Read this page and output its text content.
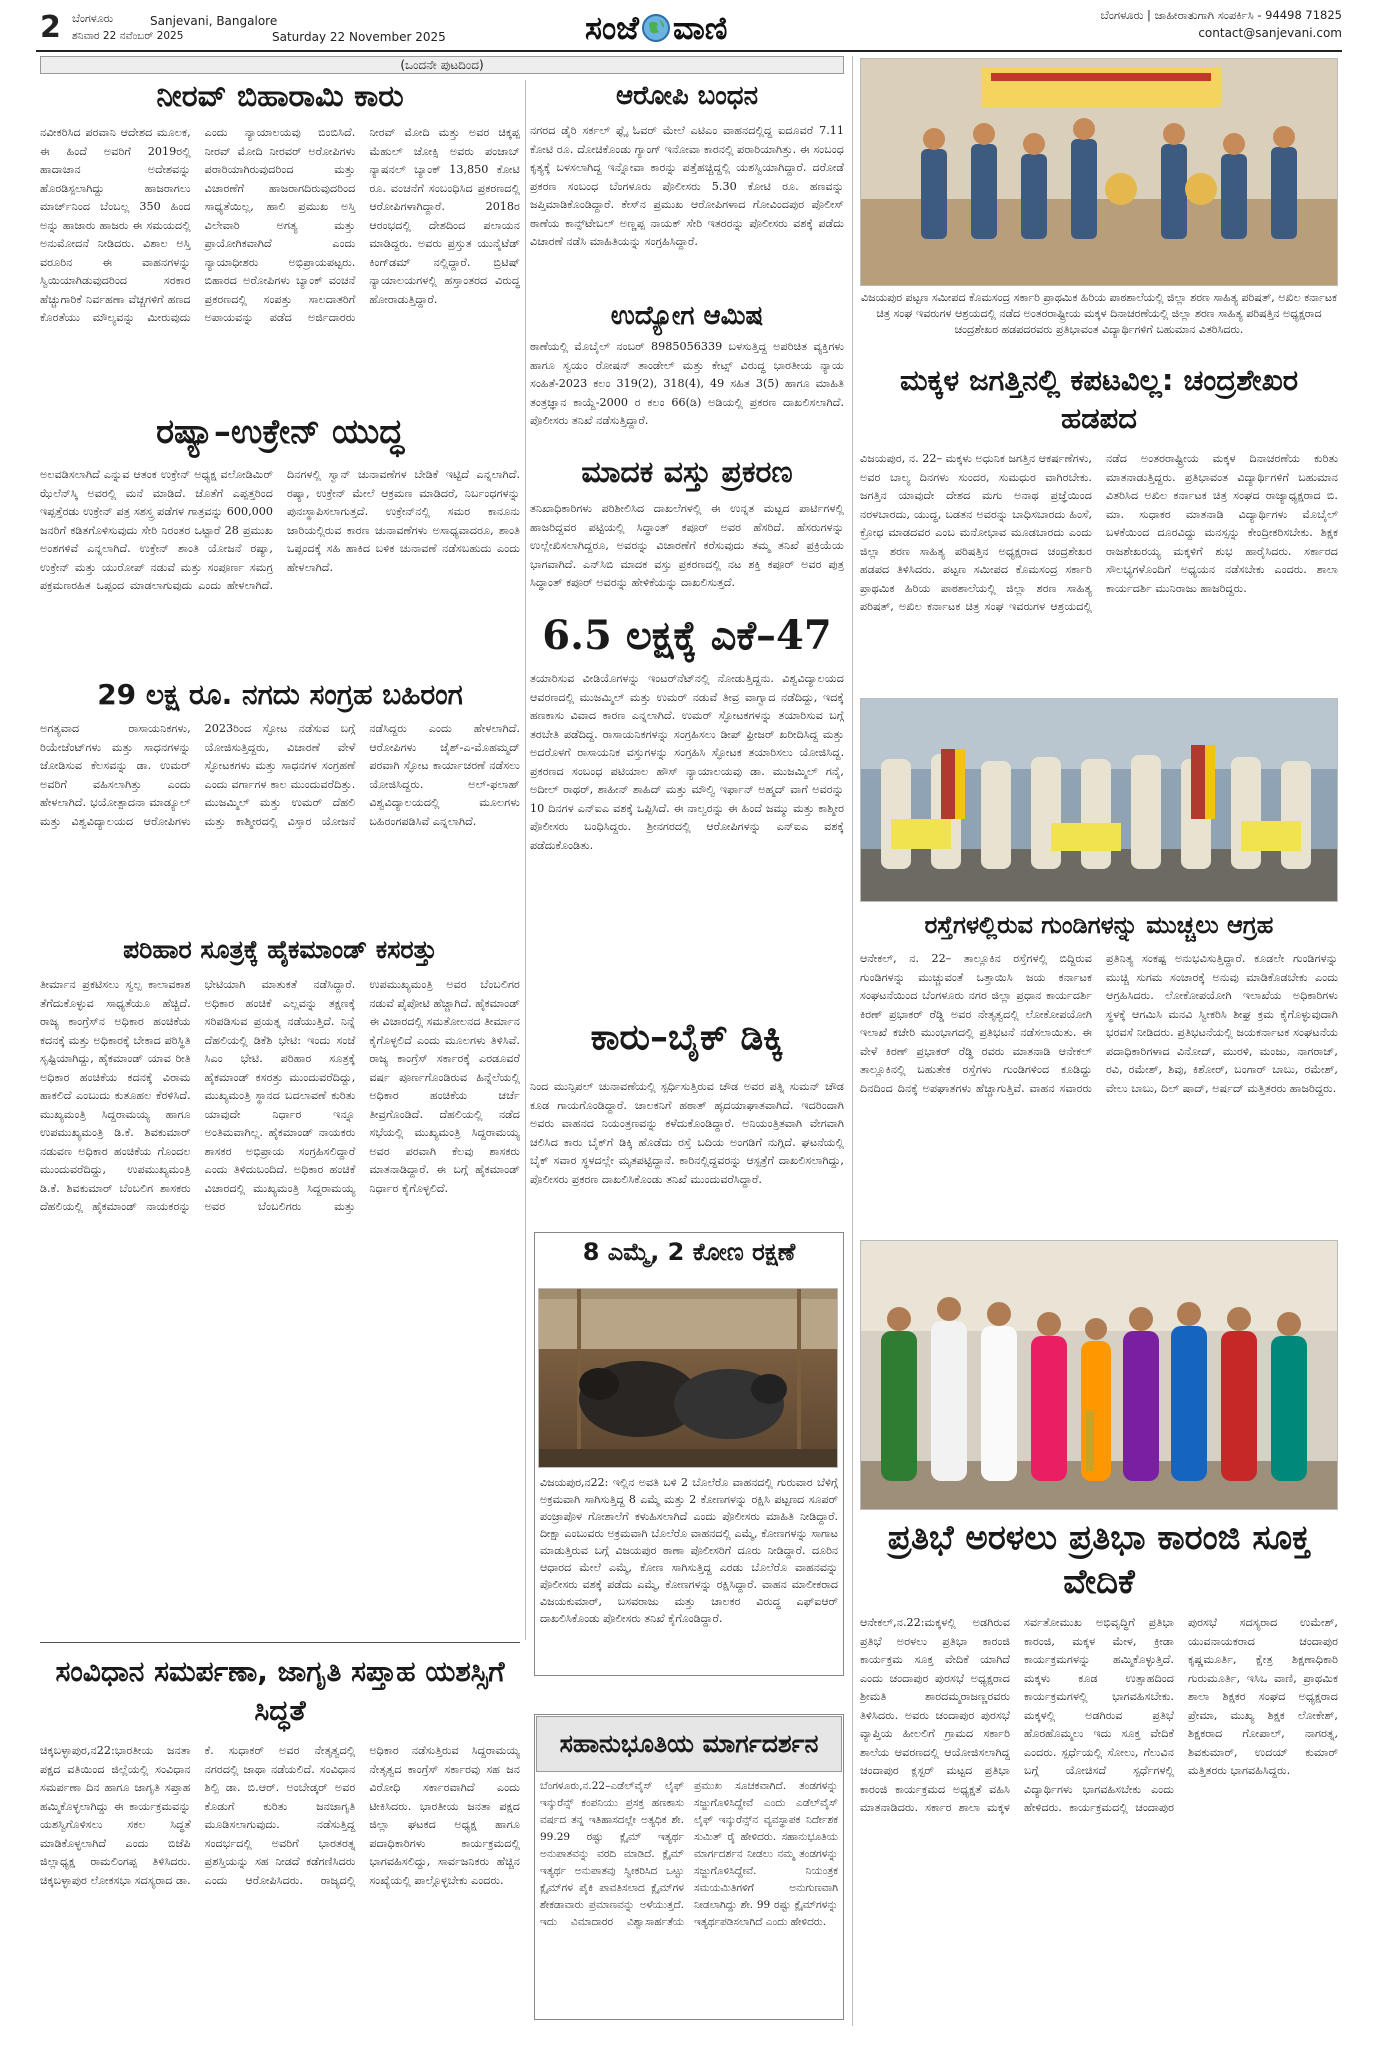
2 ಬೆಂಗಳೂರು
ಶನಿವಾರ 22 ನವೆಂಬರ್ 2025
Sanjevani, Bangalore
Saturday 22 November 2025	ಸಂಜೆ ವಾಣಿ	ಬೆಂಗಳೂರು | ಜಾಹೀರಾತುಗಾಗಿ ಸಂಪರ್ಕಿಸಿ - 94498 71825
contact@sanjevani.com
(ಒಂದನೇ ಪುಟದಿಂದ)
ನೀರವ್ ಬಿಹಾರಾಮಿ ಕಾರು
ನವೀಕರಿಸಿದ ಪರವಾನಿ ಆದೇಶದ ಮೂಲಕ, ಈ ಹಿಂದೆ ಅವರಿಗೆ 2019ರಲ್ಲಿ ಹಾದಾಚಾನ ಅದೇಶವನ್ನು ಹೊರಡಿಸ್ಪಲಾಗಿದ್ದು ಹಾಜರಾಗಲು ಮಾರ್ಚ್‌ನಿಂದ ಬೆಂಬಲ್ಲ 350 ಹಿಂದ ಅನ್ನು ಹಾಜಾರು ಹಾಜರು ಈ ಸಮಯದಲ್ಲಿ ಅನುಮೋದನೆ ನೀಡಿದರು. ವಿಶಾಲ ಅಸ್ತಿ ವರೂರಿನ ಈ ವಾಹನಗಳನ್ನು ಸ್ವಿಯಿಯಾಗಿಡುವುದರಿಂದ ಸರಕಾರ ಹೆಚ್ಚುಗಾರಿಕೆ ನಿರ್ವಹಣಾ ವೆಚ್ಚಗಳಿಗೆ ಹಣದ ಕೊರತೆಯು ಮೌಲ್ಯವನ್ನು ಮೀರುವುದು ಎಂದು ನ್ಯಾಯಾಲಯವು ಬಿಂಬಿಸಿದೆ. ನೀರವ್ ಮೋದಿ ನೀರವರ್ ಅರೋಪಿಗಳು ಪರಾರಿಯಾಗಿರುವುದರಿಂದ ಮತ್ತು ವಿಚಾರಣೆಗೆ ಹಾಜರಾಗದಿರುವುದರಿಂದ ಸಾಧ್ಯತೆಯಿಲ್ಲ, ಹಾಲಿ ಪ್ರಮುಖ ಅಸ್ತಿ ವಿಲೇವಾರಿ ಅಗತ್ಯ ಮತ್ತು ಪ್ರಾಯೋಗಿಕವಾಗಿದೆ ಎಂದು ನ್ಯಾಯಾಧೀಶರು ಅಭಿಪ್ರಾಯಪಟ್ಟರು. ಬಿಹಾರದ ಅರೋಪಿಗಳು ಬ್ಯಾಂಕ್ ವಂಚನೆ ಪ್ರಕರಣದಲ್ಲಿ ಸಂಪತ್ತು ಸಾಲದಾತರಿಗೆ ಅಪಾಯವನ್ನು ಪಡೆದ ಅರ್ಜಿದಾರರು ನೀರವ್ ಮೋದಿ ಮತ್ತು ಅವರ ಚಿಕ್ಕಪ್ಪ ಮೆಹುಲ್ ಚೋಕ್ಸಿ ಅವರು ಪಂಜಾಬ್ ನ್ಯಾಷನಲ್ ಬ್ಯಾಂಕ್ 13,850 ಕೋಟಿ ರೂ. ವಂಚನೆಗೆ ಸಂಬಂಧಿಸಿದ ಪ್ರಕರಣದಲ್ಲಿ ಆರೋಪಿಗಳಾಗಿದ್ದಾರೆ. 2018ರ ಆರಂಭದಲ್ಲಿ ದೇಶದಿಂದ ಪಲಾಯನ ಮಾಡಿದ್ದರು. ಅವರು ಪ್ರಸ್ತುತ ಯುನೈಟೆಡ್ ಕಿಂಗ್‌ಡಮ್ ನಲ್ಲಿದ್ದಾರೆ. ಬ್ರಿಟಿಷ್ ನ್ಯಾಯಾಲಯಗಳಲ್ಲಿ ಹಸ್ತಾಂತರದ ವಿರುದ್ಧ ಹೋರಾಡುತ್ತಿದ್ದಾರೆ.
ರಷ್ಯಾ–ಉಕ್ರೇನ್ ಯುದ್ಧ
ಅಲವಡಿಸಲಾಗಿದೆ ಎನ್ನುವ ಆತಂಕ ಉಕ್ರೇನ್ ಅಧ್ಯಕ್ಷ ವಲೋಡಿಮಿರ್ ಝೆಲೆನ್‌ಸ್ಕಿ ಅವರಲ್ಲಿ ಮನೆ ಮಾಡಿದೆ. ಜೊತೆಗೆ ಎಪ್ಪತ್ತರಿಂದ ಇಪ್ಪತ್ತೆರಡು ಉಕ್ರೇನ್ ಪತ್ರ ಸಶಸ್ತ್ರ ಪಡೆಗಳ ಗಾತ್ರವನ್ನು 600,000 ಜನರಿಗೆ ಕಡಿತಗೊಳಿಸುವುದು ಸೇರಿ ನಿರಂತರ ಒಟ್ಟಾರೆ 28 ಪ್ರಮುಖ ಅಂಶಗಳಿವೆ ಎನ್ನಲಾಗಿದೆ. ಉಕ್ರೇನ್ ಶಾಂತಿ ಯೋಜನೆ ರಷ್ಯಾ, ಉಕ್ರೇನ್ ಮತ್ತು ಯುರೋಪ್ ನಡುವೆ ಮತ್ತು ಸಂಪೂರ್ಣ ಸಮಗ್ರ ಪಕ್ರಮಣರಹಿತ ಒಪ್ಪಂದ ಮಾಡಲಾಗುವುದು ಎಂದು ಹೇಳಲಾಗಿದೆ. ದಿನಗಳಲ್ಲಿ ಸ್ವಾನ್ ಚುನಾವಣೆಗಳ ಬೇಡಿಕೆ ಇಟ್ಟಿದೆ ಎನ್ನಲಾಗಿದೆ. ರಷ್ಯಾ, ಉಕ್ರೇನ್ ಮೇಲೆ ಆಕ್ರಮಣ ಮಾಡಿದರೆ, ನಿರ್ಬಂಧಗಳನ್ನು ಪುನಃಸ್ಥಾಪಿಸಲಾಗುತ್ತದೆ. ಉಕ್ರೇನ್‌ನಲ್ಲಿ ಸಮರ ಕಾನೂನು ಜಾರಿಯಲ್ಲಿರುವ ಕಾರಣ ಚುನಾವಣೆಗಳು ಅಸಾಧ್ಯವಾದರೂ, ಶಾಂತಿ ಒಪ್ಪಂದಕ್ಕೆ ಸಹಿ ಹಾಕಿದ ಬಳಿಕ ಚುನಾವಣೆ ನಡೆಸಬಹುದು ಎಂದು ಹೇಳಲಾಗಿದೆ.
29 ಲಕ್ಷ ರೂ. ನಗದು ಸಂಗ್ರಹ ಬಹಿರಂಗ
ಅಗತ್ಯವಾದ ರಾಸಾಯನಿಕಗಳು, ರಿಯೇಜೆಂಟ್‌ಗಳು ಮತ್ತು ಸಾಧನಗಳನ್ನು ಜೋಡಿಸುವ ಕೆಲಸವನ್ನು ಡಾ. ಉಮರ್ ಅವರಿಗೆ ವಹಿಸಲಾಗಿತ್ತು ಎಂದು ಹೇಳಲಾಗಿದೆ. ಭಯೋತ್ಪಾದನಾ ಮಾಡ್ಯೂಲ್ ಮತ್ತು ವಿಶ್ವವಿದ್ಯಾಲಯದ ಆರೋಪಿಗಳು 2023ರಿಂದ ಸ್ಫೋಟ ನಡೆಸುವ ಬಗ್ಗೆ ಯೋಜಿಸುತ್ತಿದ್ದರು, ವಿಚಾರಣೆ ವೇಳೆ ಸ್ಫೋಟಕಗಳು ಮತ್ತು ಸಾಧನಗಳ ಸಂಗ್ರಹಣೆ ಎಂದು ವರ್ಗಾಗಳ ಕಾಲ ಮುಂದುವರೆದಿತ್ತು. ಮುಜಮ್ಮಿಲ್ ಮತ್ತು ಉಮರ್ ದೆಹಲಿ ಮತ್ತು ಕಾಶ್ಮೀರದಲ್ಲಿ ವಿಸ್ತಾರ ಯೋಜನೆ ನಡೆಸಿದ್ದರು ಎಂದು ಹೇಳಲಾಗಿದೆ. ಆರೋಪಿಗಳು ಜೈಶ್-ಎ-ಮೊಹಮ್ಮದ್ ಪರವಾಗಿ ಸ್ಫೋಟ ಕಾರ್ಯಾಚರಣೆ ನಡೆಸಲು ಯೋಜಿಸಿದ್ದರು. ಅಲ್-ಫಲಾಹ್ ವಿಶ್ವವಿದ್ಯಾಲಯದಲ್ಲಿ ಮೂಲಗಳು ಬಹಿರಂಗಪಡಿಸಿವೆ ಎನ್ನಲಾಗಿದೆ.
ಪರಿಹಾರ ಸೂತ್ರಕ್ಕೆ ಹೈಕಮಾಂಡ್ ಕಸರತ್ತು
ತೀರ್ಮಾನ ಪ್ರಕಟಿಸಲು ಸ್ವಲ್ಪ ಕಾಲಾವಕಾಶ ತೆಗೆದುಕೊಳ್ಳುವ ಸಾಧ್ಯತೆಯೂ ಹೆಚ್ಚಿದೆ. ರಾಜ್ಯ ಕಾಂಗ್ರೆಸ್‌ನ ಅಧಿಕಾರ ಹಂಚಿಕೆಯ ಕದನಕ್ಕೆ ಮತ್ತು ಅಧಿಕಾರಕ್ಕೆ ಬೇಕಾದ ಪರಿಸ್ಥಿತಿ ಸೃಷ್ಟಿಯಾಗಿದ್ದು, ಹೈಕಮಾಂಡ್ ಯಾವ ರೀತಿ ಅಧಿಕಾರ ಹಂಚಿಕೆಯ ಕದನಕ್ಕೆ ವಿರಾಮ ಹಾಕಲಿದೆ ಎಂಬುದು ಕುತೂಹಲ ಕೆರಳಿಸಿದೆ. ಮುಖ್ಯಮಂತ್ರಿ ಸಿದ್ದರಾಮಯ್ಯ ಹಾಗೂ ಉಪಮುಖ್ಯಮಂತ್ರಿ ಡಿ.ಕೆ. ಶಿವಕುಮಾರ್ ನಡುವಣ ಅಧಿಕಾರ ಹಂಚಿಕೆಯ ಗೊಂದಲ ಮುಂದುವರೆದಿದ್ದು, ಉಪಮುಖ್ಯಮಂತ್ರಿ ಡಿ.ಕೆ. ಶಿವಕುಮಾರ್ ಬೆಂಬಲಿಗ ಶಾಸಕರು ದೆಹಲಿಯಲ್ಲಿ ಹೈಕಮಾಂಡ್ ನಾಯಕರನ್ನು ಭೇಟಿಯಾಗಿ ಮಾತುಕತೆ ನಡೆಸಿದ್ದಾರೆ. ಅಧಿಕಾರ ಹಂಚಿಕೆ ಎಲ್ಲವನ್ನು ತಕ್ಷಣಕ್ಕೆ ಸರಿಪಡಿಸುವ ಪ್ರಯತ್ನ ನಡೆಯುತ್ತಿದೆ. ನಿನ್ನೆ ದೆಹಲಿಯಲ್ಲಿ ಡಿಕೆಶಿ ಭೇಟಿ: ಇಂದು ಸಂಜೆ ಸಿಎಂ ಭೇಟಿ. ಪರಿಹಾರ ಸೂತ್ರಕ್ಕೆ ಹೈಕಮಾಂಡ್ ಕಸರತ್ತು ಮುಂದುವರೆದಿದ್ದು, ಮುಖ್ಯಮಂತ್ರಿ ಸ್ಥಾನದ ಬದಲಾವಣೆ ಕುರಿತು ಯಾವುದೇ ನಿರ್ಧಾರ ಇನ್ನೂ ಅಂತಿಮವಾಗಿಲ್ಲ. ಹೈಕಮಾಂಡ್ ನಾಯಕರು ಶಾಸಕರ ಅಭಿಪ್ರಾಯ ಸಂಗ್ರಹಿಸಲಿದ್ದಾರೆ ಎಂದು ತಿಳಿದುಬಂದಿದೆ. ಅಧಿಕಾರ ಹಂಚಿಕೆ ವಿಚಾರದಲ್ಲಿ ಮುಖ್ಯಮಂತ್ರಿ ಸಿದ್ದರಾಮಯ್ಯ ಅವರ ಬೆಂಬಲಿಗರು ಮತ್ತು ಉಪಮುಖ್ಯಮಂತ್ರಿ ಅವರ ಬೆಂಬಲಿಗರ ನಡುವೆ ಪೈಪೋಟಿ ಹೆಚ್ಚಾಗಿದೆ. ಹೈಕಮಾಂಡ್ ಈ ವಿಚಾರದಲ್ಲಿ ಸಮತೋಲನದ ತೀರ್ಮಾನ ಕೈಗೊಳ್ಳಲಿದೆ ಎಂದು ಮೂಲಗಳು ತಿಳಿಸಿವೆ. ರಾಜ್ಯ ಕಾಂಗ್ರೆಸ್ ಸರ್ಕಾರಕ್ಕೆ ಎರಡೂವರೆ ವರ್ಷ ಪೂರ್ಣಗೊಂಡಿರುವ ಹಿನ್ನೆಲೆಯಲ್ಲಿ ಅಧಿಕಾರ ಹಂಚಿಕೆಯ ಚರ್ಚೆ ತೀವ್ರಗೊಂಡಿದೆ. ದೆಹಲಿಯಲ್ಲಿ ನಡೆದ ಸಭೆಯಲ್ಲಿ ಮುಖ್ಯಮಂತ್ರಿ ಸಿದ್ದರಾಮಯ್ಯ ಅವರ ಪರವಾಗಿ ಕೆಲವು ಶಾಸಕರು ಮಾತನಾಡಿದ್ದಾರೆ. ಈ ಬಗ್ಗೆ ಹೈಕಮಾಂಡ್ ನಿರ್ಧಾರ ಕೈಗೊಳ್ಳಲಿದೆ.
ಆರೋಪಿ ಬಂಧನ
ನಗರದ ಡೈರಿ ಸರ್ಕಲ್ ಫ್ಲೈ ಓವರ್ ಮೇಲೆ ಎಟಿಎಂ ವಾಹನದಲ್ಲಿದ್ದ ಐದೂವರೆ 7.11 ಕೋಟಿ ರೂ. ದೋಚಿಕೊಂಡು ಗ್ಯಾಂಗ್ ಇನೋವಾ ಕಾರನಲ್ಲಿ ಪರಾರಿಯಾಗಿತ್ತು. ಈ ಸಂಬಂಧ ಕೃತ್ಯಕ್ಕೆ ಬಳಸಲಾಗಿದ್ದ ಇನ್ನೋವಾ ಕಾರನ್ನು ಪತ್ತೆಹಚ್ಚಿದ್ದಲ್ಲಿ ಯಶಸ್ವಿಯಾಗಿದ್ದಾರೆ. ದರೋಡೆ ಪ್ರಕರಣ ಸಂಬಂಧ ಬೆಂಗಳೂರು ಪೊಲೀಸರು 5.30 ಕೋಟಿ ರೂ. ಹಣವನ್ನು ಜಪ್ತಿಮಾಡಿಕೊಂಡಿದ್ದಾರೆ. ಕೇಸ್‌ನ ಪ್ರಮುಖ ಆರೋಪಿಗಳಾದ ಗೋವಿಂದಪುರ ಪೊಲೀಸ್ ಠಾಣೆಯ ಕಾನ್ಸ್‌ಟೇಬಲ್ ಅಣ್ಣಪ್ಪ ನಾಯಕ್ ಸೇರಿ ಇತರರನ್ನು ಪೊಲೀಸರು ವಶಕ್ಕೆ ಪಡೆದು ವಿಚಾರಣೆ ನಡೆಸಿ ಮಾಹಿತಿಯನ್ನು ಸಂಗ್ರಹಿಸಿದ್ದಾರೆ.
ಉದ್ಯೋಗ ಆಮಿಷ
ಠಾಣೆಯಲ್ಲಿ ಮೊಬೈಲ್ ನಂಬರ್ 8985056339 ಬಳಸುತ್ತಿದ್ದ ಅಪರಿಚಿತ ವ್ಯಕ್ತಿಗಳು ಹಾಗೂ ಸ್ವಯಂ ರೋಷನ್ ತಾಂಡೇಲ್ ಮತ್ತು ಕೇಟ್ಸ್ ವಿರುದ್ಧ ಭಾರತೀಯ ನ್ಯಾಯ ಸಂಹಿತೆ-2023 ಕಲಂ 319(2), 318(4), 49 ಸಹಿತ 3(5) ಹಾಗೂ ಮಾಹಿತಿ ತಂತ್ರಜ್ಞಾನ ಕಾಯ್ದೆ-2000 ರ ಕಲಂ 66(ಡಿ) ಅಡಿಯಲ್ಲಿ ಪ್ರಕರಣ ದಾಖಲಿಸಲಾಗಿದೆ. ಪೊಲೀಸರು ತನಿಖೆ ನಡೆಸುತ್ತಿದ್ದಾರೆ.
ಮಾದಕ ವಸ್ತು ಪ್ರಕರಣ
ತನಿಖಾಧಿಕಾರಿಗಳು ಪರಿಶೀಲಿಸಿದ ದಾಖಲೆಗಳಲ್ಲಿ ಈ ಉನ್ನತ ಮಟ್ಟದ ಪಾರ್ಟಿಗಳಲ್ಲಿ ಹಾಜರಿದ್ದವರ ಪಟ್ಟಿಯಲ್ಲಿ ಸಿದ್ಧಾಂತ್ ಕಪೂರ್ ಅವರ ಹೆಸರಿದೆ. ಹೆಸರುಗಳನ್ನು ಉಲ್ಲೇಖಿಸಲಾಗಿದ್ದರೂ, ಅವರನ್ನು ವಿಚಾರಣೆಗೆ ಕರೆಸುವುದು ತಮ್ಮ ತನಿಖೆ ಪ್ರಕ್ರಿಯೆಯ ಭಾಗವಾಗಿದೆ. ಎನ್‌ಸಿಬಿ ಮಾದಕ ವಸ್ತು ಪ್ರಕರಣದಲ್ಲಿ ನಟ ಶಕ್ತಿ ಕಪೂರ್ ಅವರ ಪುತ್ರ ಸಿದ್ಧಾಂತ್ ಕಪೂರ್ ಅವರನ್ನು ಹೇಳಿಕೆಯನ್ನು ದಾಖಲಿಸುತ್ತದೆ.
6.5 ಲಕ್ಷಕ್ಕೆ ಎಕೆ–47
ತಯಾರಿಸುವ ವೀಡಿಯೊಗಳನ್ನು ಇಂಟರ್‌ನೆಟ್‌ನಲ್ಲಿ ನೋಡುತ್ತಿದ್ದನು. ವಿಶ್ವವಿದ್ಯಾಲಯದ ಆವರಣದಲ್ಲಿ ಮುಜಮ್ಮಿಲ್ ಮತ್ತು ಉಮರ್ ನಡುವೆ ತೀವ್ರ ವಾಗ್ವಾದ ನಡೆದಿದ್ದು, ಇದಕ್ಕೆ ಹಣಕಾಸು ವಿವಾದ ಕಾರಣ ಎನ್ನಲಾಗಿದೆ. ಉಮರ್ ಸ್ಫೋಟಕಗಳನ್ನು ತಯಾರಿಸುವ ಬಗ್ಗೆ ತರಬೇತಿ ಪಡೆದಿದ್ದ. ರಾಸಾಯನಿಕಗಳನ್ನು ಸಂಗ್ರಹಿಸಲು ಡೀಪ್ ಫ್ರೀಜರ್ ಖರೀದಿಸಿದ್ದ ಮತ್ತು ಅದರೊಳಗೆ ರಾಸಾಯನಿಕ ವಸ್ತುಗಳನ್ನು ಸಂಗ್ರಹಿಸಿ ಸ್ಫೋಟಕ ತಯಾರಿಸಲು ಯೋಜಿಸಿದ್ದ. ಪ್ರಕರಣದ ಸಂಬಂಧ ಪಟಿಯಾಲ ಹೌಸ್ ನ್ಯಾಯಾಲಯವು ಡಾ. ಮುಜಮ್ಮಿಲ್ ಗನೈ, ಅದೀಲ್ ರಾಥರ್, ಶಾಹೀನ್ ಶಾಹಿದ್ ಮತ್ತು ಮೌಲ್ವಿ ಇರ್ಫಾನ್ ಅಹ್ಮದ್ ವಾಗೆ ಅವರನ್ನು 10 ದಿನಗಳ ಎನ್‌ಐಎ ವಶಕ್ಕೆ ಒಪ್ಪಿಸಿದೆ. ಈ ನಾಲ್ವರನ್ನು ಈ ಹಿಂದೆ ಜಮ್ಮು ಮತ್ತು ಕಾಶ್ಮೀರ ಪೊಲೀಸರು ಬಂಧಿಸಿದ್ದರು. ಶ್ರೀನಗರದಲ್ಲಿ ಆರೋಪಿಗಳನ್ನು ಎನ್‌ಐಎ ವಶಕ್ಕೆ ಪಡೆದುಕೊಂಡಿತು.
ಕಾರು–ಬೈಕ್ ಡಿಕ್ಕಿ
ನಿಂದ ಮುನ್ಸಿಪಲ್ ಚುನಾವಣೆಯಲ್ಲಿ ಸ್ಪರ್ಧಿಸುತ್ತಿರುವ ಚೌಡ ಅವರ ಪತ್ನಿ ಸುಮನ್ ಚೌಡ ಕೂಡ ಗಾಯಗೊಂಡಿದ್ದಾರೆ. ಚಾಲಕನಿಗೆ ಹಠಾತ್ ಹೃದಯಾಘಾತವಾಗಿದೆ. ಇದರಿಂದಾಗಿ ಅವರು ವಾಹನದ ನಿಯಂತ್ರಣವನ್ನು ಕಳೆದುಕೊಂಡಿದ್ದಾರೆ. ಅನಿಯಂತ್ರಿತವಾಗಿ ವೇಗವಾಗಿ ಚಲಿಸಿದ ಕಾರು ಬೈಕ್‌ಗೆ ಡಿಕ್ಕಿ ಹೊಡೆದು ರಸ್ತೆ ಬದಿಯ ಅಂಗಡಿಗೆ ನುಗ್ಗಿದೆ. ಘಟನೆಯಲ್ಲಿ ಬೈಕ್ ಸವಾರ ಸ್ಥಳದಲ್ಲೇ ಮೃತಪಟ್ಟಿದ್ದಾನೆ. ಕಾರಿನಲ್ಲಿದ್ದವರನ್ನು ಆಸ್ಪತ್ರೆಗೆ ದಾಖಲಿಸಲಾಗಿದ್ದು, ಪೊಲೀಸರು ಪ್ರಕರಣ ದಾಖಲಿಸಿಕೊಂಡು ತನಿಖೆ ಮುಂದುವರೆಸಿದ್ದಾರೆ.
8 ಎಮ್ಮೆ, 2 ಕೋಣ ರಕ್ಷಣೆ
ವಿಜಯಪುರ,ನ22: ಇಲ್ಲಿನ ಅವತಿ ಬಳಿ 2 ಬೊಲೆರೊ ವಾಹನದಲ್ಲಿ ಗುರುವಾರ ಬೆಳಿಗ್ಗೆ ಅಕ್ರಮವಾಗಿ ಸಾಗಿಸುತ್ತಿದ್ದ 8 ಎಮ್ಮೆ ಮತ್ತು 2 ಕೋಣಗಳನ್ನು ರಕ್ಷಿಸಿ ಪಟ್ಟಣದ ಸೂಪರ್ ಪಂಜ್ರಾಪೊಳ ಗೋಶಾಲೆಗೆ ಕಳುಹಿಸಲಾಗಿದೆ ಎಂದು ಪೊಲೀಸರು ಮಾಹಿತಿ ನೀಡಿದ್ದಾರೆ. ದೀಕ್ಷಾ ಎಂಬುವರು ಅಕ್ರಮವಾಗಿ ಬೊಲೆರೊ ವಾಹನದಲ್ಲಿ ಎಮ್ಮೆ, ಕೋಣಗಳನ್ನು ಸಾಗಾಟ ಮಾಡುತ್ತಿರುವ ಬಗ್ಗೆ ವಿಜಯಪುರ ಠಾಣಾ ಪೊಲೀಸರಿಗೆ ದೂರು ನೀಡಿದ್ದಾರೆ. ದೂರಿನ ಆಧಾರದ ಮೇಲೆ ಎಮ್ಮೆ, ಕೋಣ ಸಾಗಿಸುತ್ತಿದ್ದ ಎರಡು ಬೊಲೆರೊ ವಾಹನವನ್ನು ಪೊಲೀಸರು ವಶಕ್ಕೆ ಪಡೆದು ಎಮ್ಮೆ, ಕೋಣಗಳನ್ನು ರಕ್ಷಿಸಿದ್ದಾರೆ. ವಾಹನ ಮಾಲೀಕರಾದ ವಿಜಯಕುಮಾರ್, ಬಸವರಾಜು ಮತ್ತು ಚಾಲಕರ ವಿರುದ್ಧ ಎಫ್‌ಐಆರ್ ದಾಖಲಿಸಿಕೊಂಡು ಪೊಲೀಸರು ತನಿಖೆ ಕೈಗೊಂಡಿದ್ದಾರೆ.
ವಿಜಯಪುರ ಪಟ್ಟಣ ಸಮೀಪದ ಕೊಮಸಂದ್ರ ಸರ್ಕಾರಿ ಪ್ರಾಥಮಿಕ ಹಿರಿಯ ಪಾಠಶಾಲೆಯಲ್ಲಿ ಜಿಲ್ಲಾ ಶರಣ ಸಾಹಿತ್ಯ ಪರಿಷತ್, ಅಖಿಲ ಕರ್ನಾಟಕ ಚಿತ್ರ ಸಂಘ ಇವರುಗಳ ಆಶ್ರಯದಲ್ಲಿ ನಡೆದ ಅಂತರರಾಷ್ಟ್ರೀಯ ಮಕ್ಕಳ ದಿನಾಚರಣೆಯಲ್ಲಿ ಜಿಲ್ಲಾ ಶರಣ ಸಾಹಿತ್ಯ ಪರಿಷತ್ತಿನ ಅಧ್ಯಕ್ಷರಾದ ಚಂದ್ರಶೇಖರ ಹಡಪದರವರು ಪ್ರತಿಭಾವಂತ ವಿದ್ಯಾರ್ಥಿಗಳಿಗೆ ಬಹುಮಾನ ವಿತರಿಸಿದರು.
ಮಕ್ಕಳ ಜಗತ್ತಿನಲ್ಲಿ ಕಪಟವಿಲ್ಲ: ಚಂದ್ರಶೇಖರ ಹಡಪದ
ವಿಜಯಪುರ, ನ. 22– ಮಕ್ಕಳು ಅಧುನಿಕ ಜಗತ್ತಿನ ಆಕರ್ಷಣೆಗಳು, ಅವರ ಬಾಲ್ಯ ದಿನಗಳು ಸುಂದರ, ಸುಮಧುರ ವಾಗಿರಬೇಕು. ಜಗತ್ತಿನ ಯಾವುದೇ ದೇಶದ ಮಗು ಅನಾಥ ಪ್ರಜ್ಞೆಯಿಂದ ನರಳಬಾರದು, ಯುದ್ಧ, ಬಡತನ ಅವರನ್ನು ಬಾಧಿಸಬಾರದು ಹಿಂಸೆ, ಕ್ರೋಧ ಮಾಡದವರ ಎಂಬ ಮನೋಭಾವ ಮೂಡಬಾರದು ಎಂದು ಜಿಲ್ಲಾ ಶರಣ ಸಾಹಿತ್ಯ ಪರಿಷತ್ತಿನ ಅಧ್ಯಕ್ಷರಾದ ಚಂದ್ರಶೇಖರ ಹಡಪದ ತಿಳಿಸಿದರು. ಪಟ್ಟಣ ಸಮೀಪದ ಕೊಮಸಂದ್ರ ಸರ್ಕಾರಿ ಪ್ರಾಥಮಿಕ ಹಿರಿಯ ಪಾಠಶಾಲೆಯಲ್ಲಿ ಜಿಲ್ಲಾ ಶರಣ ಸಾಹಿತ್ಯ ಪರಿಷತ್, ಅಖಿಲ ಕರ್ನಾಟಕ ಚಿತ್ರ ಸಂಘ ಇವರುಗಳ ಆಶ್ರಯದಲ್ಲಿ ನಡೆದ ಅಂತರರಾಷ್ಟ್ರೀಯ ಮಕ್ಕಳ ದಿನಾಚರಣೆಯ ಕುರಿತು ಮಾತನಾಡುತ್ತಿದ್ದರು. ಪ್ರತಿಭಾವಂತ ವಿದ್ಯಾರ್ಥಿಗಳಿಗೆ ಬಹುಮಾನ ವಿತರಿಸಿದ ಅಖಿಲ ಕರ್ನಾಟಕ ಚಿತ್ರ ಸಂಘದ ರಾಜ್ಯಾಧ್ಯಕ್ಷರಾದ ಬಿ. ಮಾ. ಸುಧಾಕರ ಮಾತನಾಡಿ ವಿದ್ಯಾರ್ಥಿಗಳು ಮೊಬೈಲ್ ಬಳಕೆಯಿಂದ ದೂರವಿದ್ದು ಮನಸ್ಸನ್ನು ಕೇಂದ್ರೀಕರಿಸಬೇಕು. ಶಿಕ್ಷಕ ರಾಜಶೇಖರಯ್ಯ ಮಕ್ಕಳಿಗೆ ಶುಭ ಹಾರೈಸಿದರು. ಸರ್ಕಾರದ ಸೌಲಭ್ಯಗಳೊಂದಿಗೆ ಅಧ್ಯಯನ ನಡೆಸಬೇಕು ಎಂದರು. ಶಾಲಾ ಕಾರ್ಯದರ್ಶಿ ಮುನಿರಾಜು ಹಾಜರಿದ್ದರು.
ರಸ್ತೆಗಳಲ್ಲಿರುವ ಗುಂಡಿಗಳನ್ನು ಮುಚ್ಚಲು ಆಗ್ರಹ
ಆನೇಕಲ್, ನ. 22– ತಾಲ್ಲೂಕಿನ ರಸ್ತೆಗಳಲ್ಲಿ ಬಿದ್ದಿರುವ ಗುಂಡಿಗಳನ್ನು ಮುಚ್ಚುವಂತೆ ಒತ್ತಾಯಿಸಿ ಜಯ ಕರ್ನಾಟಕ ಸಂಘಟನೆಯಿಂದ ಬೆಂಗಳೂರು ನಗರ ಜಿಲ್ಲಾ ಪ್ರಧಾನ ಕಾರ್ಯದರ್ಶಿ ಕಿರಣ್ ಪ್ರಭಾಕರ್ ರೆಡ್ಡಿ ಅವರ ನೇತೃತ್ವದಲ್ಲಿ ಲೋಕೋಪಯೋಗಿ ಇಲಾಖೆ ಕಚೇರಿ ಮುಂಭಾಗದಲ್ಲಿ ಪ್ರತಿಭಟನೆ ನಡೆಸಲಾಯಿತು. ಈ ವೇಳೆ ಕಿರಣ್ ಪ್ರಭಾಕರ್ ರೆಡ್ಡಿ ರವರು ಮಾತನಾಡಿ ಆನೇಕಲ್ ತಾಲ್ಲೂಕಿನಲ್ಲಿ ಬಹುತೇಕ ರಸ್ತೆಗಳು ಗುಂಡಿಗಳಿಂದ ಕೂಡಿದ್ದು ದಿನದಿಂದ ದಿನಕ್ಕೆ ಅಪಘಾತಗಳು ಹೆಚ್ಚಾಗುತ್ತಿವೆ. ವಾಹನ ಸವಾರರು ಪ್ರತಿನಿತ್ಯ ಸಂಕಷ್ಟ ಅನುಭವಿಸುತ್ತಿದ್ದಾರೆ. ಕೂಡಲೇ ಗುಂಡಿಗಳನ್ನು ಮುಚ್ಚಿ ಸುಗಮ ಸಂಚಾರಕ್ಕೆ ಅನುವು ಮಾಡಿಕೊಡಬೇಕು ಎಂದು ಆಗ್ರಹಿಸಿದರು. ಲೋಕೋಪಯೋಗಿ ಇಲಾಖೆಯ ಅಧಿಕಾರಿಗಳು ಸ್ಥಳಕ್ಕೆ ಆಗಮಿಸಿ ಮನವಿ ಸ್ವೀಕರಿಸಿ ಶೀಘ್ರ ಕ್ರಮ ಕೈಗೊಳ್ಳುವುದಾಗಿ ಭರವಸೆ ನೀಡಿದರು. ಪ್ರತಿಭಟನೆಯಲ್ಲಿ ಜಯಕರ್ನಾಟಕ ಸಂಘಟನೆಯ ಪದಾಧಿಕಾರಿಗಳಾದ ವಿನೋದ್, ಮುರಳಿ, ಮಂಜು, ನಾಗರಾಜ್, ರವಿ, ರಮೇಶ್, ಶಿವು, ಕಿಶೋರ್, ಬಂಗಾರ್ ಬಾಬು, ರಮೇಶ್, ವೇಲು ಬಾಬು, ದಿಲ್ ಷಾದ್, ಅರ್ಷದ್ ಮತ್ತಿತರರು ಹಾಜರಿದ್ದರು.
ಪ್ರತಿಭೆ ಅರಳಲು ಪ್ರತಿಭಾ ಕಾರಂಜಿ ಸೂಕ್ತ ವೇದಿಕೆ
ಆನೇಕಲ್,ನ.22:ಮಕ್ಕಳಲ್ಲಿ ಅಡಗಿರುವ ಪ್ರತಿಭೆ ಅರಳಲು ಪ್ರತಿಭಾ ಕಾರಂಜಿ ಕಾರ್ಯಕ್ರಮ ಸೂಕ್ತ ವೇದಿಕೆ ಯಾಗಿದೆ ಎಂದು ಚಂದಾಪುರ ಪುರಸಭೆ ಅಧ್ಯಕ್ಷರಾದ ಶ್ರೀಮತಿ ಶಾರದಮ್ಮರಾಜಣ್ಣರವರು ತಿಳಿಸಿದರು. ಅವರು ಚಂದಾಪುರ ಪುರಸಭೆ ವ್ಯಾಪ್ತಿಯ ಹೀಲಲಿಗೆ ಗ್ರಾಮದ ಸರ್ಕಾರಿ ಶಾಲೆಯ ಆವರಣದಲ್ಲಿ ಆಯೋಜಿಸಲಾಗಿದ್ದ ಚಂದಾಪುರ ಕ್ಲಸ್ಟರ್ ಮಟ್ಟದ ಪ್ರತಿಭಾ ಕಾರಂಜಿ ಕಾರ್ಯಕ್ರಮದ ಅಧ್ಯಕ್ಷತೆ ವಹಿಸಿ ಮಾತನಾಡಿದರು. ಸರ್ಕಾರ ಶಾಲಾ ಮಕ್ಕಳ ಸರ್ವತೋಮುಖ ಅಭಿವೃದ್ಧಿಗೆ ಪ್ರತಿಭಾ ಕಾರಂಜಿ, ಮಕ್ಕಳ ಮೇಳ, ಕ್ರೀಡಾ ಕಾರ್ಯಕ್ರಮಗಳನ್ನು ಹಮ್ಮಿಕೊಳ್ಳುತ್ತಿದೆ. ಮಕ್ಕಳು ಕೂಡ ಉತ್ಸಾಹದಿಂದ ಕಾರ್ಯಕ್ರಮಗಳಲ್ಲಿ ಭಾಗವಹಿಸಬೇಕು. ಮಕ್ಕಳಲ್ಲಿ ಅಡಗಿರುವ ಪ್ರತಿಭೆ ಹೊರಹೊಮ್ಮಲು ಇದು ಸೂಕ್ತ ವೇದಿಕೆ ಎಂದರು. ಸ್ಪರ್ಧೆಯಲ್ಲಿ ಸೋಲು, ಗೆಲುವಿನ ಬಗ್ಗೆ ಯೋಚಿಸದೆ ಸ್ಪರ್ಧೆಗಳಲ್ಲಿ ವಿದ್ಯಾರ್ಥಿಗಳು ಭಾಗವಹಿಸಬೇಕು ಎಂದು ಹೇಳಿದರು. ಕಾರ್ಯಕ್ರಮದಲ್ಲಿ ಚಂದಾಪುರ ಪುರಸಭೆ ಸದಸ್ಯರಾದ ಉಮೇಶ್, ಯುವನಾಯಕರಾದ ಚಂದಾಪುರ ಕೃಷ್ಣಮೂರ್ತಿ, ಕ್ಷೇತ್ರ ಶಿಕ್ಷಣಾಧಿಕಾರಿ ಗುರುಮೂರ್ತಿ, ಇಸಿಒ ವಾಣಿ, ಪ್ರಾಥಮಿಕ ಶಾಲಾ ಶಿಕ್ಷಕರ ಸಂಘದ ಅಧ್ಯಕ್ಷರಾದ ಪ್ರೇಮಾ, ಮುಖ್ಯ ಶಿಕ್ಷಕ ಲೋಕೇಶ್, ಶಿಕ್ಷಕರಾದ ಗೋಪಾಲ್, ನಾಗರತ್ನ, ಶಿವಕುಮಾರ್, ಉದಯ್ ಕುಮಾರ್ ಮತ್ತಿತರರು ಭಾಗವಹಿಸಿದ್ದರು.
ಸಂವಿಧಾನ ಸಮರ್ಪಣಾ, ಜಾಗೃತಿ ಸಪ್ತಾಹ ಯಶಸ್ಸಿಗೆ ಸಿದ್ಧತೆ
ಚಿಕ್ಕಬಳ್ಳಾಪುರ,ನ22:ಭಾರತೀಯ ಜನತಾ ಪಕ್ಷದ ವತಿಯಿಂದ ಜಿಲ್ಲೆಯಲ್ಲಿ ಸಂವಿಧಾನ ಸಮರ್ಪಣಾ ದಿನ ಹಾಗೂ ಜಾಗೃತಿ ಸಪ್ತಾಹ ಹಮ್ಮಿಕೊಳ್ಳಲಾಗಿದ್ದು ಈ ಕಾರ್ಯಕ್ರಮವನ್ನು ಯಶಸ್ವಿಗೊಳಿಸಲು ಸಕಲ ಸಿದ್ಧತೆ ಮಾಡಿಕೊಳ್ಳಲಾಗಿದೆ ಎಂದು ಬಿಜೆಪಿ ಜಿಲ್ಲಾಧ್ಯಕ್ಷ ರಾಮಲಿಂಗಪ್ಪ ತಿಳಿಸಿದರು. ಚಿಕ್ಕಬಳ್ಳಾಪುರ ಲೋಕಸಭಾ ಸದಸ್ಯರಾದ ಡಾ. ಕೆ. ಸುಧಾಕರ್ ಅವರ ನೇತೃತ್ವದಲ್ಲಿ ನಗರದಲ್ಲಿ ಜಾಥಾ ನಡೆಯಲಿದೆ. ಸಂವಿಧಾನ ಶಿಲ್ಪಿ ಡಾ. ಬಿ.ಆರ್. ಅಂಬೇಡ್ಕರ್ ಅವರ ಕೊಡುಗೆ ಕುರಿತು ಜನಜಾಗೃತಿ ಮೂಡಿಸಲಾಗುವುದು. ನಡೆಸುತ್ತಿದ್ದ ಸಂದರ್ಭದಲ್ಲಿ ಅವರಿಗೆ ಭಾರತರತ್ನ ಪ್ರಶಸ್ತಿಯನ್ನು ಸಹ ನೀಡದೆ ಕಡೆಗಣಿಸಿದರು ಎಂದು ಆರೋಪಿಸಿದರು. ರಾಜ್ಯದಲ್ಲಿ ಅಧಿಕಾರ ನಡೆಸುತ್ತಿರುವ ಸಿದ್ದರಾಮಯ್ಯ ನೇತೃತ್ವದ ಕಾಂಗ್ರೆಸ್ ಸರ್ಕಾರವು ಸಹ ಜನ ವಿರೋಧಿ ಸರ್ಕಾರವಾಗಿದೆ ಎಂದು ಟೀಕಿಸಿದರು. ಭಾರತೀಯ ಜನತಾ ಪಕ್ಷದ ಜಿಲ್ಲಾ ಘಟಕದ ಅಧ್ಯಕ್ಷ ಹಾಗೂ ಪದಾಧಿಕಾರಿಗಳು ಕಾರ್ಯಕ್ರಮದಲ್ಲಿ ಭಾಗವಹಿಸಲಿದ್ದು, ಸಾರ್ವಜನಿಕರು ಹೆಚ್ಚಿನ ಸಂಖ್ಯೆಯಲ್ಲಿ ಪಾಲ್ಗೊಳ್ಳಬೇಕು ಎಂದರು.
ಸಹಾನುಭೂತಿಯ ಮಾರ್ಗದರ್ಶನ
ಬೆಂಗಳೂರು,ನ.22–ಎಡೆಲ್‌ವೈಸ್ ಲೈಫ್ ಇನ್ಶುರೆನ್ಸ್ ಕಂಪನಿಯು ಪ್ರಸಕ್ತ ಹಣಕಾಸು ವರ್ಷದ ತನ್ನ ಇತಿಹಾಸದಲ್ಲೇ ಅತ್ಯಧಿಕ ಶೇ. 99.29 ರಷ್ಟು ಕ್ಲೈಮ್ ಇತ್ಯರ್ಥ ಅನುಪಾತವನ್ನು ವರದಿ ಮಾಡಿದೆ. ಕ್ಲೈಮ್ ಇತ್ಯರ್ಥ ಅನುಪಾತವು ಸ್ವೀಕರಿಸಿದ ಒಟ್ಟು ಕ್ಲೈಮ್‌ಗಳ ಪೈಕಿ ಪಾವತಿಸಲಾದ ಕ್ಲೈಮ್‌ಗಳ ಶೇಕಡಾವಾರು ಪ್ರಮಾಣವನ್ನು ಅಳೆಯುತ್ತದೆ. ಇದು ವಿಮಾದಾರರ ವಿಶ್ವಾಸಾರ್ಹತೆಯ ಪ್ರಮುಖ ಸೂಚಕವಾಗಿದೆ. ತಂಡಗಳನ್ನು ಸಜ್ಜುಗೊಳಿಸಿದ್ದೇವೆ ಎಂದು ಎಡೆಲ್‌ವೈಸ್ ಲೈಫ್ ಇನ್ಶುರೆನ್ಸ್‌ನ ವ್ಯವಸ್ಥಾಪಕ ನಿರ್ದೇಶಕ ಸುಮಿತ್ ರೈ ಹೇಳಿದರು. ಸಹಾನುಭೂತಿಯ ಮಾರ್ಗದರ್ಶನ ನೀಡಲು ನಮ್ಮ ತಂಡಗಳನ್ನು ಸಜ್ಜುಗೊಳಿಸಿದ್ದೇವೆ. ನಿಯಂತ್ರಕ ಸಮಯಮಿತಿಗಳಿಗೆ ಅನುಗುಣವಾಗಿ ನೀಡಲಾಗಿದ್ದು ಶೇ. 99 ರಷ್ಟು ಕ್ಲೈಮ್‌ಗಳನ್ನು ಇತ್ಯರ್ಥಪಡಿಸಲಾಗಿದೆ ಎಂದು ಹೇಳಿದರು.
